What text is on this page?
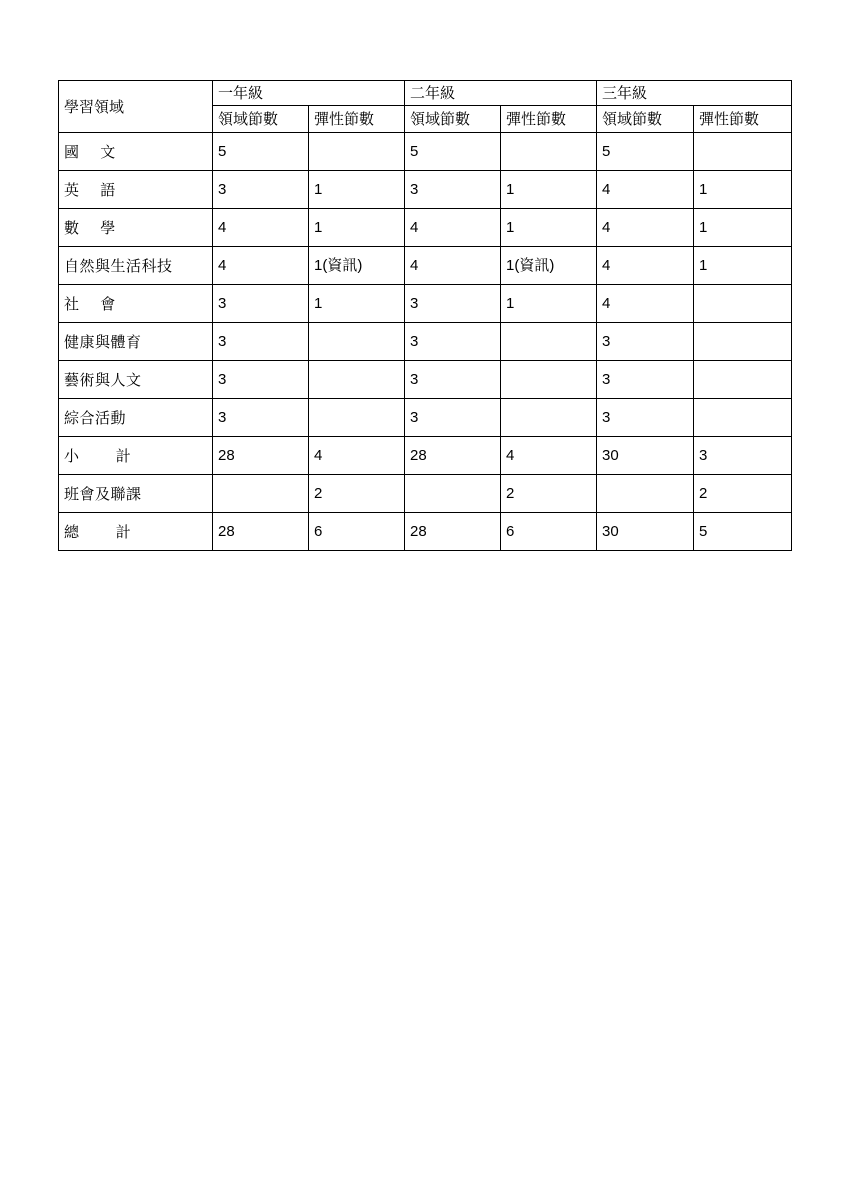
學習領域	一年級		二年級		三年級	
	領域節數	彈性節數	領域節數	彈性節數	領域節數	彈性節數
國　 文	5		5		5	
英　 語	3	1	3	1	4	1
數　 學	4	1	4	1	4	1
自然與生活科技	4	1(資訊)	4	1(資訊)	4	1
社　 會	3	1	3	1	4	
健康與體育	3		3		3	
藝術與人文	3		3		3	
綜合活動	3		3		3	
小　　 計	28	4	28	4	30	3
班會及聯課		2		2		2
總　　 計	28	6	28	6	30	5
